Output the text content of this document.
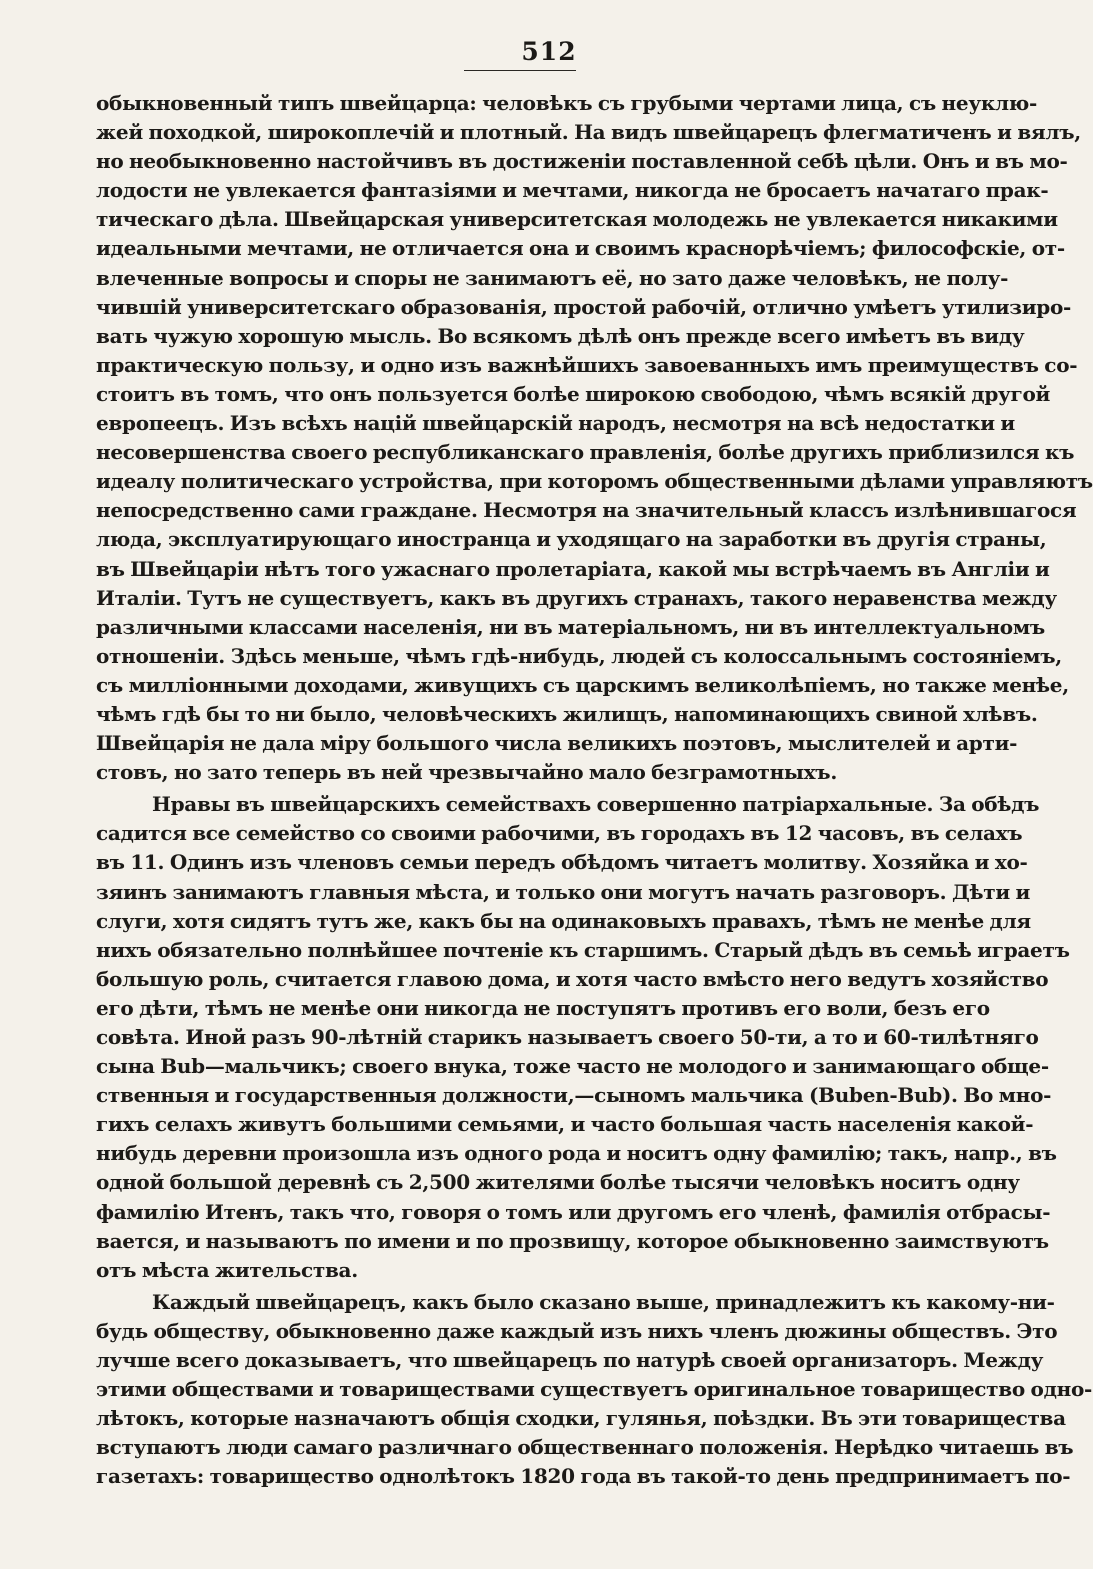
512
обыкновенный типъ швейцарца: человѣкъ съ грубыми чертами лица, съ неуклю-
жей походкой, широкоплечій и плотный. На видъ швейцарецъ флегматиченъ и вялъ,
но необыкновенно настойчивъ въ достиженіи поставленной себѣ цѣли. Онъ и въ мо-
лодости не увлекается фантазіями и мечтами, никогда не бросаетъ начатаго прак-
тическаго дѣла. Швейцарская университетская молодежь не увлекается никакими
идеальными мечтами, не отличается она и своимъ краснорѣчіемъ; философскіе, от-
влеченные вопросы и споры не занимаютъ её, но зато даже человѣкъ, не полу-
чившій университетскаго образованія, простой рабочій, отлично умѣетъ утилизиро-
вать чужую хорошую мысль. Во всякомъ дѣлѣ онъ прежде всего имѣетъ въ виду
практическую пользу, и одно изъ важнѣйшихъ завоеванныхъ имъ преимуществъ со-
стоитъ въ томъ, что онъ пользуется болѣе широкою свободою, чѣмъ всякій другой
европеецъ. Изъ всѣхъ націй швейцарскій народъ, несмотря на всѣ недостатки и
несовершенства своего республиканскаго правленія, болѣе другихъ приблизился къ
идеалу политическаго устройства, при которомъ общественными дѣлами управляютъ
непосредственно сами граждане. Несмотря на значительный классъ излѣнившагося
люда, эксплуатирующаго иностранца и уходящаго на заработки въ другія страны,
въ Швейцаріи нѣтъ того ужаснаго пролетаріата, какой мы встрѣчаемъ въ Англіи и
Италіи. Тутъ не существуетъ, какъ въ другихъ странахъ, такого неравенства между
различными классами населенія, ни въ матеріальномъ, ни въ интеллектуальномъ
отношеніи. Здѣсь меньше, чѣмъ гдѣ-нибудь, людей съ колоссальнымъ состояніемъ,
съ милліонными доходами, живущихъ съ царскимъ великолѣпіемъ, но также менѣе,
чѣмъ гдѣ бы то ни было, человѣческихъ жилищъ, напоминающихъ свиной хлѣвъ.
Швейцарія не дала міру большого числа великихъ поэтовъ, мыслителей и арти-
стовъ, но зато теперь въ ней чрезвычайно мало безграмотныхъ.
Нравы въ швейцарскихъ семействахъ совершенно патріархальные. За обѣдъ
садится все семейство со своими рабочими, въ городахъ въ 12 часовъ, въ селахъ
въ 11. Одинъ изъ членовъ семьи передъ обѣдомъ читаетъ молитву. Хозяйка и хо-
зяинъ занимаютъ главныя мѣста, и только они могутъ начать разговоръ. Дѣти и
слуги, хотя сидятъ тутъ же, какъ бы на одинаковыхъ правахъ, тѣмъ не менѣе для
нихъ обязательно полнѣйшее почтеніе къ старшимъ. Старый дѣдъ въ семьѣ играетъ
большую роль, считается главою дома, и хотя часто вмѣсто него ведутъ хозяйство
его дѣти, тѣмъ не менѣе они никогда не поступятъ противъ его воли, безъ его
совѣта. Иной разъ 90-лѣтній старикъ называетъ своего 50-ти, а то и 60-тилѣтняго
сына Bub—мальчикъ; своего внука, тоже часто не молодого и занимающаго обще-
ственныя и государственныя должности,—сыномъ мальчика (Buben-Bub). Во мно-
гихъ селахъ живутъ большими семьями, и часто большая часть населенія какой-
нибудь деревни произошла изъ одного рода и носитъ одну фамилію; такъ, напр., въ
одной большой деревнѣ съ 2,500 жителями болѣе тысячи человѣкъ носитъ одну
фамилію Итенъ, такъ что, говоря о томъ или другомъ его членѣ, фамилія отбрасы-
вается, и называютъ по имени и по прозвищу, которое обыкновенно заимствуютъ
отъ мѣста жительства.
Каждый швейцарецъ, какъ было сказано выше, принадлежитъ къ какому-ни-
будь обществу, обыкновенно даже каждый изъ нихъ членъ дюжины обществъ. Это
лучше всего доказываетъ, что швейцарецъ по натурѣ своей организаторъ. Между
этими обществами и товариществами существуетъ оригинальное товарищество одно-
лѣтокъ, которые назначаютъ общія сходки, гулянья, поѣздки. Въ эти товарищества
вступаютъ люди самаго различнаго общественнаго положенія. Нерѣдко читаешь въ
газетахъ: товарищество однолѣтокъ 1820 года въ такой-то день предпринимаетъ по-
